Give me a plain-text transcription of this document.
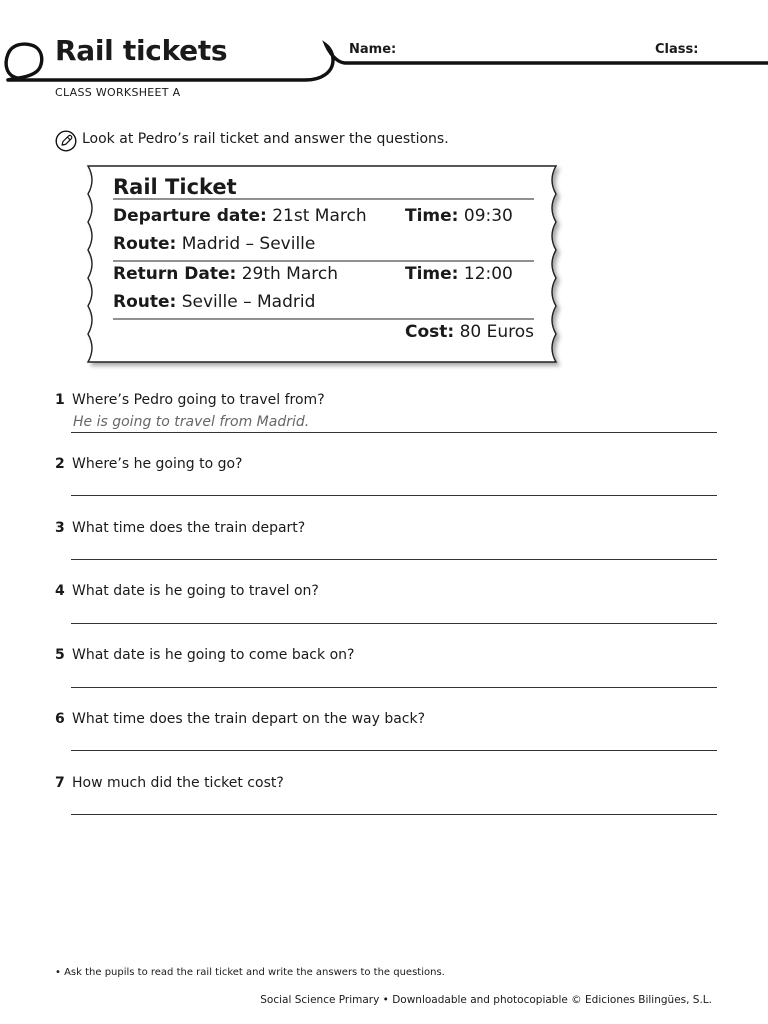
Rail tickets
CLASS WORKSHEET A
Name:	Class:
Look at Pedro’s rail ticket and answer the questions.
Rail Ticket
Departure date: 21st March Time: 09:30
Route: Madrid – Seville
Return Date: 29th March	Time: 12:00
Route: Seville – Madrid
Cost: 80 Euros
1 Where’s Pedro going to travel from?
He is going to travel from Madrid.
2 Where’s he going to go?
3 What time does the train depart?
4 What date is he going to travel on?
5 What date is he going to come back on?
6 What time does the train depart on the way back?
7 How much did the ticket cost?
• Ask the pupils to read the rail ticket and write the answers to the questions.
Social Science Primary • Downloadable and photocopiable © Ediciones Bilingües, S.L.
